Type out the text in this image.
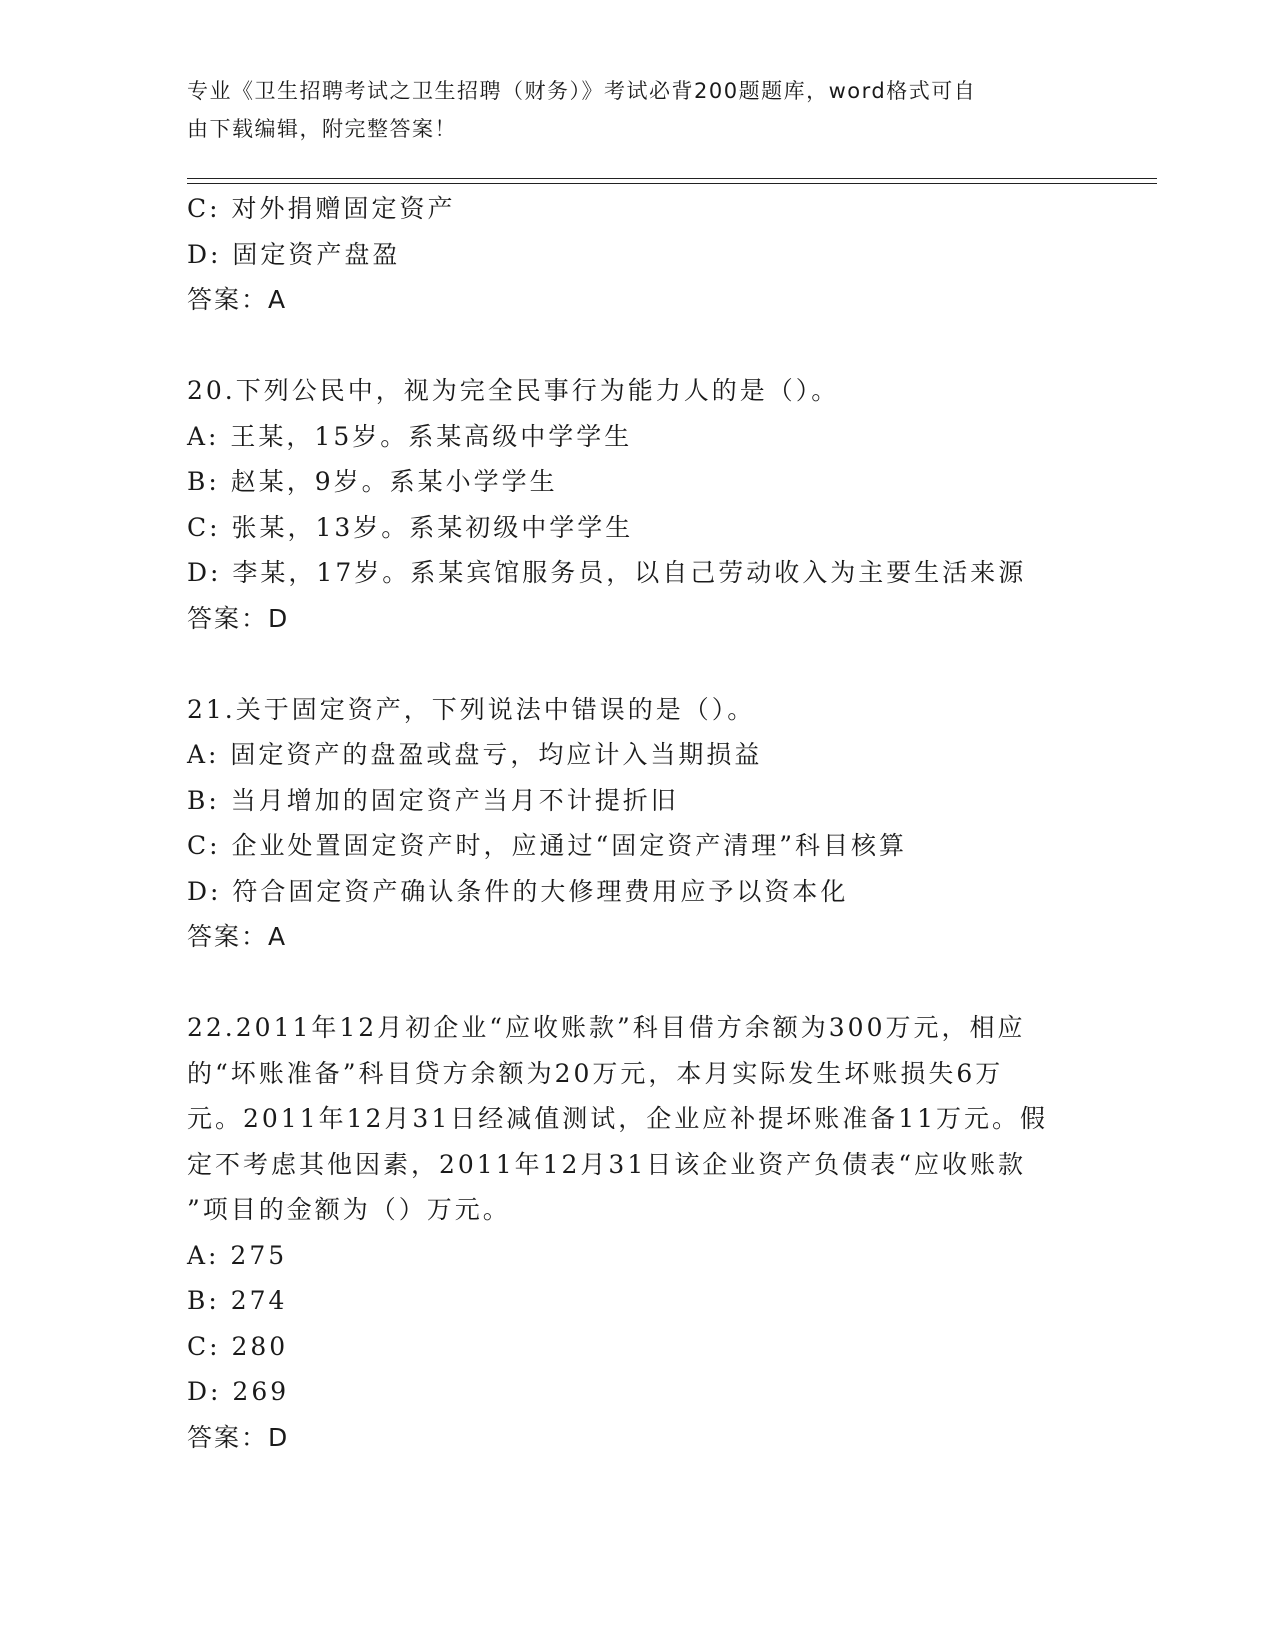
专业《卫生招聘考试之卫生招聘（财务）》考试必背200题题库，word格式可自
由下载编辑，附完整答案！
C: 对外捐赠固定资产
D: 固定资产盘盈
答案：A
20.下列公民中，视为完全民事行为能力人的是（）。
A: 王某，15岁。系某高级中学学生
B: 赵某，9岁。系某小学学生
C: 张某，13岁。系某初级中学学生
D: 李某，17岁。系某宾馆服务员，以自己劳动收入为主要生活来源
答案：D
21.关于固定资产，下列说法中错误的是（）。
A: 固定资产的盘盈或盘亏，均应计入当期损益
B: 当月增加的固定资产当月不计提折旧
C: 企业处置固定资产时，应通过“固定资产清理”科目核算
D: 符合固定资产确认条件的大修理费用应予以资本化
答案：A
22.2011年12月初企业“应收账款”科目借方余额为300万元，相应
的“坏账准备”科目贷方余额为20万元，本月实际发生坏账损失6万
元。2011年12月31日经减值测试，企业应补提坏账准备11万元。假
定不考虑其他因素，2011年12月31日该企业资产负债表“应收账款
”项目的金额为（）万元。
A: 275
B: 274
C: 280
D: 269
答案：D
